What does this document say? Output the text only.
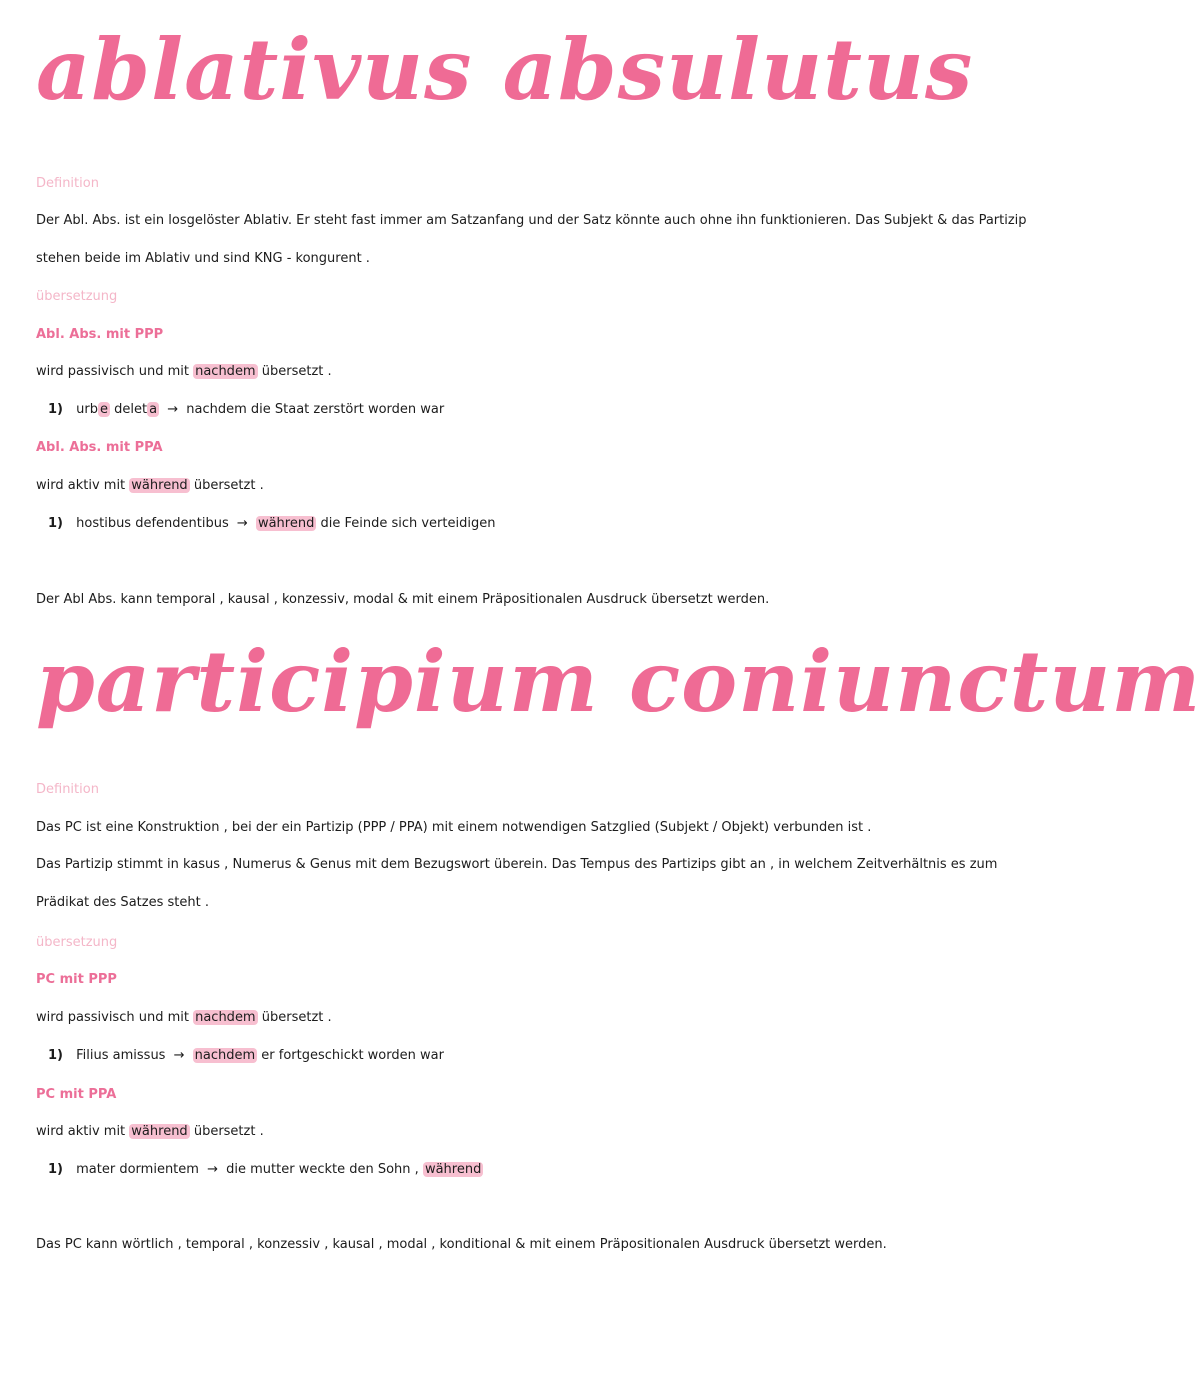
ablativus absulutus

Definition

Der Abl. Abs. ist ein losgelöster Ablativ. Er steht fast immer am Satzanfang und der Satz könnte auch ohne ihn funktionieren. Das Subjekt & das Partizip

stehen beide im Ablativ und sind KNG - kongurent .

übersetzung

Abl. Abs. mit PPP

wird passivisch und mit nachdem übersetzt .

1) urb e delet a → nachdem die Staat zerstört worden war

Abl. Abs. mit PPA

wird aktiv mit während übersetzt .

1) hostibus defendentibus → während die Feinde sich verteidigen

Der Abl Abs. kann temporal , kausal , konzessiv, modal & mit einem Präpositionalen Ausdruck übersetzt werden.

participium coniunctum

Definition

Das PC ist eine Konstruktion , bei der ein Partizip (PPP / PPA) mit einem notwendigen Satzglied (Subjekt / Objekt) verbunden ist .

Das Partizip stimmt in kasus , Numerus & Genus mit dem Bezugswort überein. Das Tempus des Partizips gibt an , in welchem Zeitverhältnis es zum

Prädikat des Satzes steht .

übersetzung

PC mit PPP

wird passivisch und mit nachdem übersetzt .

1) Filius amissus → nachdem er fortgeschickt worden war

PC mit PPA

wird aktiv mit während übersetzt .

1) mater dormientem → die mutter weckte den Sohn , während

Das PC kann wörtlich , temporal , konzessiv , kausal , modal , konditional & mit einem Präpositionalen Ausdruck übersetzt werden.
